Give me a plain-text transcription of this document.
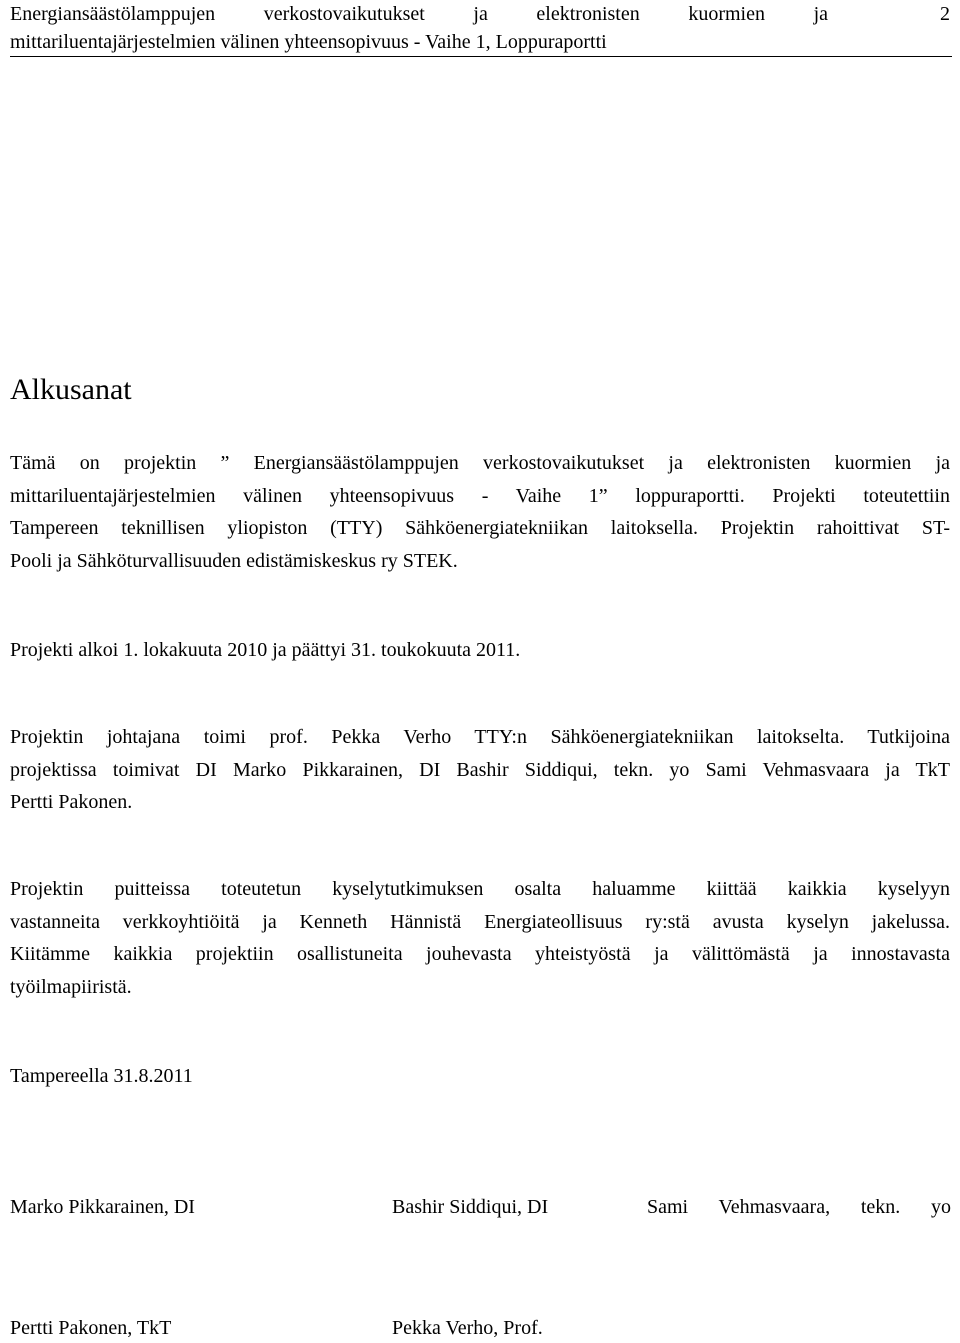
Energiansäästölamppujen verkostovaikutukset ja elektronisten kuormien ja
mittariluentajärjestelmien välinen yhteensopivuus - Vaihe 1, Loppuraportti
2
Alkusanat
Tämä on projektin ” Energiansäästölamppujen verkostovaikutukset ja elektronisten kuormien ja
mittariluentajärjestelmien välinen yhteensopivuus - Vaihe 1” loppuraportti. Projekti toteutettiin
Tampereen teknillisen yliopiston (TTY) Sähköenergiatekniikan laitoksella. Projektin rahoittivat ST-
Pooli ja Sähköturvallisuuden edistämiskeskus ry STEK.
Projekti alkoi 1. lokakuuta 2010 ja päättyi 31. toukokuuta 2011.
Projektin johtajana toimi prof. Pekka Verho TTY:n Sähköenergiatekniikan laitokselta. Tutkijoina
projektissa toimivat DI Marko Pikkarainen, DI Bashir Siddiqui, tekn. yo Sami Vehmasvaara ja TkT
Pertti Pakonen.
Projektin puitteissa toteutetun kyselytutkimuksen osalta haluamme kiittää kaikkia kyselyyn
vastanneita verkkoyhtiöitä ja Kenneth Hännistä Energiateollisuus ry:stä avusta kyselyn jakelussa.
Kiitämme kaikkia projektiin osallistuneita jouhevasta yhteistyöstä ja välittömästä ja innostavasta
työilmapiiristä.
Tampereella 31.8.2011
Marko Pikkarainen, DI	Bashir Siddiqui, DI	Sami Vehmasvaara, tekn. yo
Pertti Pakonen, TkT	Pekka Verho, Prof.
